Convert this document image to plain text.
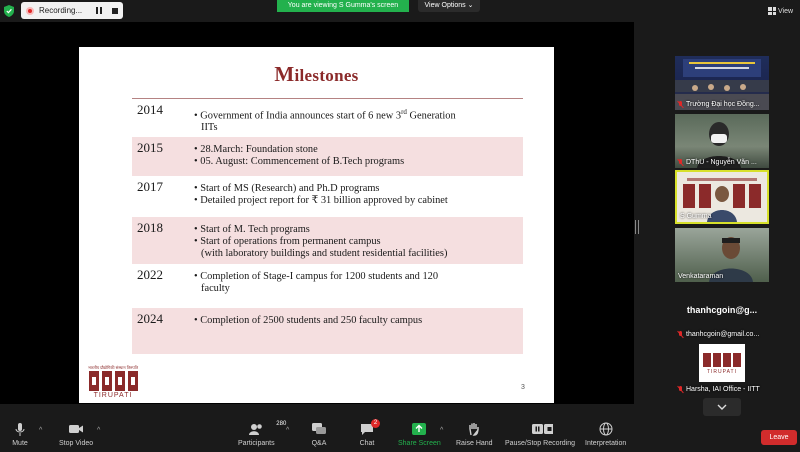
Recording...
You are viewing S Gumma's screen	View Options ⌄
View
Milestones
2014	• Government of India announces start of 6 new 3rd Generation
IITs
2015	• 28.March: Foundation stone
• 05. August: Commencement of B.Tech programs
2017	• Start of MS (Research) and Ph.D programs
• Detailed project report for ₹ 31 billion approved by cabinet
2018	• Start of M. Tech programs
• Start of operations from permanent campus
(with laboratory buildings and student residential facilities)
2022	• Completion of Stage-I campus for 1200 students and 120
faculty
2024	• Completion of 2500 students and 250 faculty campus
भारतीय प्रौद्योगिकी संस्थान तिरुपति
TIRUPATI
3
Trường Đại học Đồng...
DThU - Nguyễn Văn ...
S Gumma
Venkataraman
thanhcgoin@g...
thanhcgoin@gmail.co...
TIRUPATI
Harsha, IAI Office - IITT
Mute
^
Stop Video
^
280
Participants
^
Q&A
2
Chat	Share Screen
^
Raise Hand Pause/Stop Recording Interpretation
Leave
